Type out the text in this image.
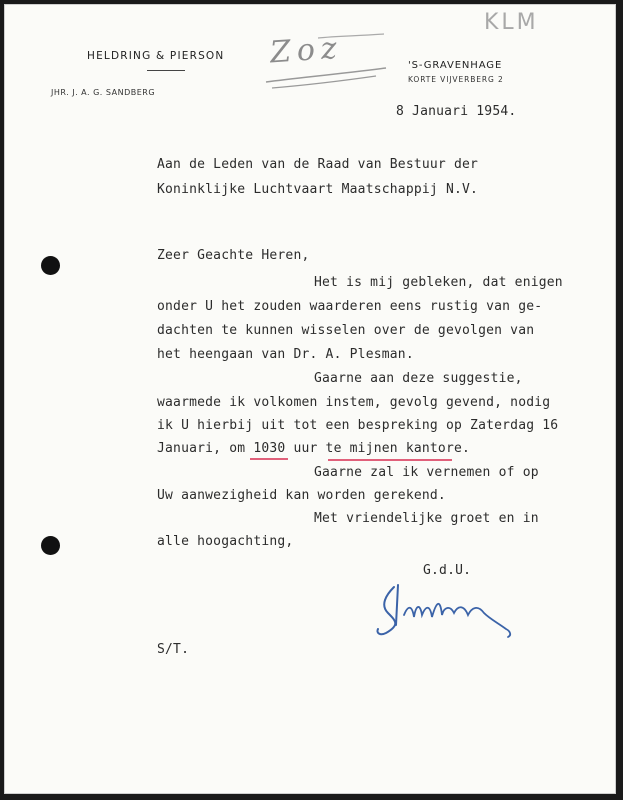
KLM
Zoz
HELDRING & PIERSON
JHR. J. A. G. SANDBERG
'S-GRAVENHAGE
KORTE VIJVERBERG 2
8 Januari 1954.
Aan de Leden van de Raad van Bestuur der
Koninklijke Luchtvaart Maatschappij N.V.
Zeer Geachte Heren,
Het is mij gebleken, dat enigen
onder U het zouden waarderen eens rustig van ge-
dachten te kunnen wisselen over de gevolgen van
het heengaan van Dr. A. Plesman.
Gaarne aan deze suggestie,
waarmede ik volkomen instem, gevolg gevend, nodig
ik U hierbij uit tot een bespreking op Zaterdag 16
Januari, om 1030 uur te mijnen kantore.
Gaarne zal ik vernemen of op
Uw aanwezigheid kan worden gerekend.
Met vriendelijke groet en in
alle hoogachting,
G.d.U.
S/T.
